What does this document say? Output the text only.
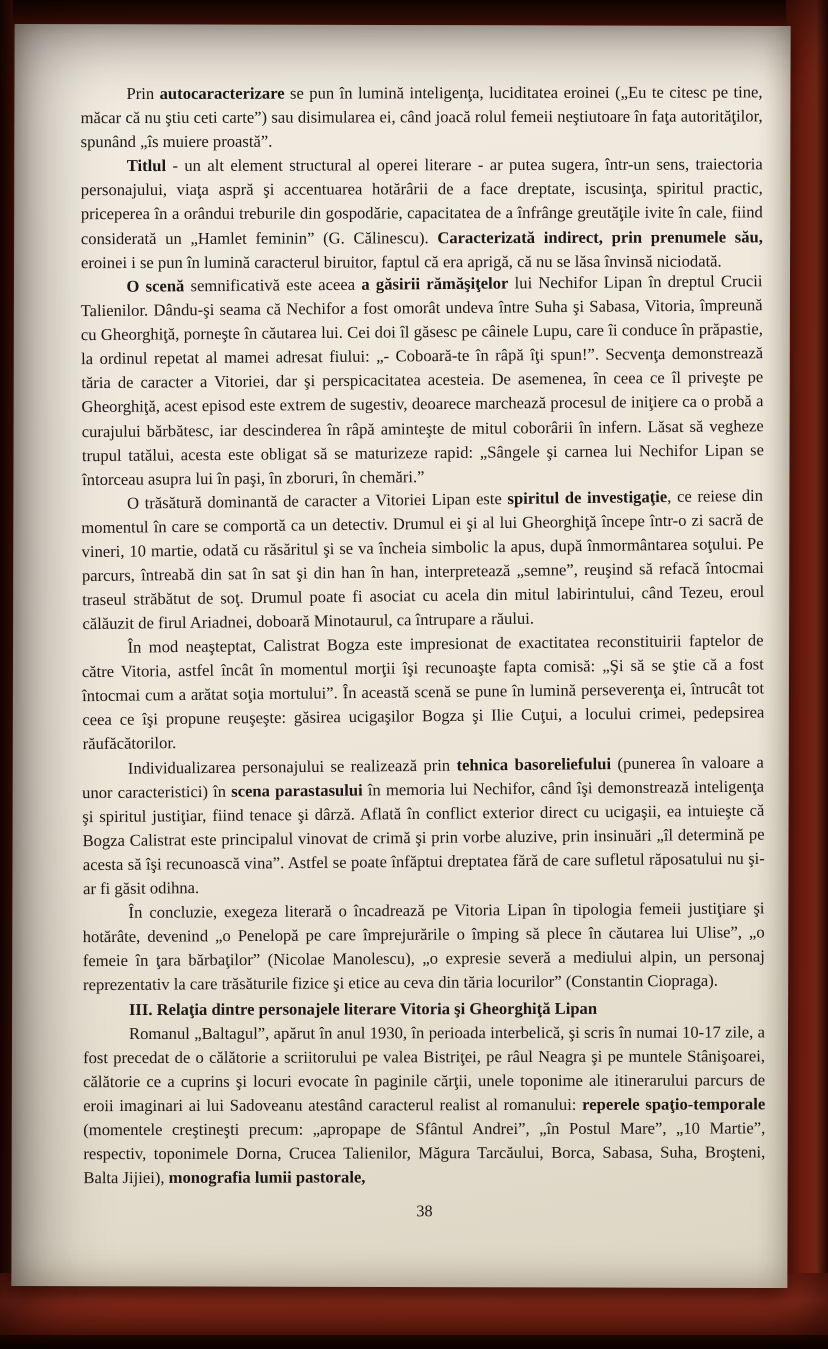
Prin autocaracterizare se pun în lumină inteligenţa, luciditatea eroinei („Eu te citesc pe tine, măcar că nu ştiu ceti carte”) sau disimularea ei, când joacă rolul femeii neştiutoare în faţa autorităţilor, spunând „îs muiere proastă”.

Titlul - un alt element structural al operei literare - ar putea sugera, într-un sens, traiectoria personajului, viaţa aspră şi accentuarea hotărârii de a face dreptate, iscusinţa, spiritul practic, priceperea în a orândui treburile din gospodărie, capacitatea de a înfrânge greutăţile ivite în cale, fiind considerată un „Hamlet feminin” (G. Călinescu). Caracterizată indirect, prin prenumele său, eroinei i se pun în lumină caracterul biruitor, faptul că era aprigă, că nu se lăsa învinsă niciodată.

O scenă semnificativă este aceea a găsirii rămăşiţelor lui Nechifor Lipan în dreptul Crucii Talienilor. Dându-şi seama că Nechifor a fost omorât undeva între Suha şi Sabasa, Vitoria, împreună cu Gheorghiţă, porneşte în căutarea lui. Cei doi îl găsesc pe câinele Lupu, care îi conduce în prăpastie, la ordinul repetat al mamei adresat fiului: „- Coboară-te în râpă îţi spun!”. Secvenţa demonstrează tăria de caracter a Vitoriei, dar şi perspicacitatea acesteia. De asemenea, în ceea ce îl priveşte pe Gheorghiţă, acest episod este extrem de sugestiv, deoarece marchează procesul de iniţiere ca o probă a curajului bărbătesc, iar descinderea în râpă aminteşte de mitul coborârii în infern. Lăsat să vegheze trupul tatălui, acesta este obligat să se maturizeze rapid: „Sângele şi carnea lui Nechifor Lipan se întorceau asupra lui în paşi, în zboruri, în chemări.”

O trăsătură dominantă de caracter a Vitoriei Lipan este spiritul de investigaţie, ce reiese din momentul în care se comportă ca un detectiv. Drumul ei şi al lui Gheorghiţă începe într-o zi sacră de vineri, 10 martie, odată cu răsăritul şi se va încheia simbolic la apus, după înmormântarea soţului. Pe parcurs, întreabă din sat în sat şi din han în han, interpretează „semne”, reuşind să refacă întocmai traseul străbătut de soţ. Drumul poate fi asociat cu acela din mitul labirintului, când Tezeu, eroul călăuzit de firul Ariadnei, doboară Minotaurul, ca întrupare a răului.

În mod neaşteptat, Calistrat Bogza este impresionat de exactitatea reconstituirii faptelor de către Vitoria, astfel încât în momentul morţii îşi recunoaşte fapta comisă: „Şi să se ştie că a fost întocmai cum a arătat soţia mortului”. În această scenă se pune în lumină perseverenţa ei, întrucât tot ceea ce îşi propune reuşeşte: găsirea ucigaşilor Bogza şi Ilie Cuţui, a locului crimei, pedepsirea răufăcătorilor.

Individualizarea personajului se realizează prin tehnica basoreliefului (punerea în valoare a unor caracteristici) în scena parastasului în memoria lui Nechifor, când îşi demonstrează inteligenţa şi spiritul justiţiar, fiind tenace şi dârză. Aflată în conflict exterior direct cu ucigaşii, ea intuieşte că Bogza Calistrat este principalul vinovat de crimă şi prin vorbe aluzive, prin insinuări „îl determină pe acesta să îşi recunoască vina”. Astfel se poate înfăptui dreptatea fără de care sufletul răposatului nu şi-ar fi găsit odihna.

În concluzie, exegeza literară o încadrează pe Vitoria Lipan în tipologia femeii justiţiare şi hotărâte, devenind „o Penelopă pe care împrejurările o împing să plece în căutarea lui Ulise”, „o femeie în ţara bărbaţilor” (Nicolae Manolescu), „o expresie severă a mediului alpin, un personaj reprezentativ la care trăsăturile fizice şi etice au ceva din tăria locurilor” (Constantin Ciopraga).

III. Relaţia dintre personajele literare Vitoria şi Gheorghiţă Lipan

Romanul „Baltagul”, apărut în anul 1930, în perioada interbelică, şi scris în numai 10-17 zile, a fost precedat de o călătorie a scriitorului pe valea Bistriţei, pe râul Neagra şi pe muntele Stânişoarei, călătorie ce a cuprins şi locuri evocate în paginile cărţii, unele toponime ale itinerarului parcurs de eroii imaginari ai lui Sadoveanu atestând caracterul realist al romanului: reperele spaţio-temporale (momentele creştineşti precum: „apropape de Sfântul Andrei”, „în Postul Mare”, „10 Martie”, respectiv, toponimele Dorna, Crucea Talienilor, Măgura Tarcăului, Borca, Sabasa, Suha, Broşteni, Balta Jijiei), monografia lumii pastorale,

38
